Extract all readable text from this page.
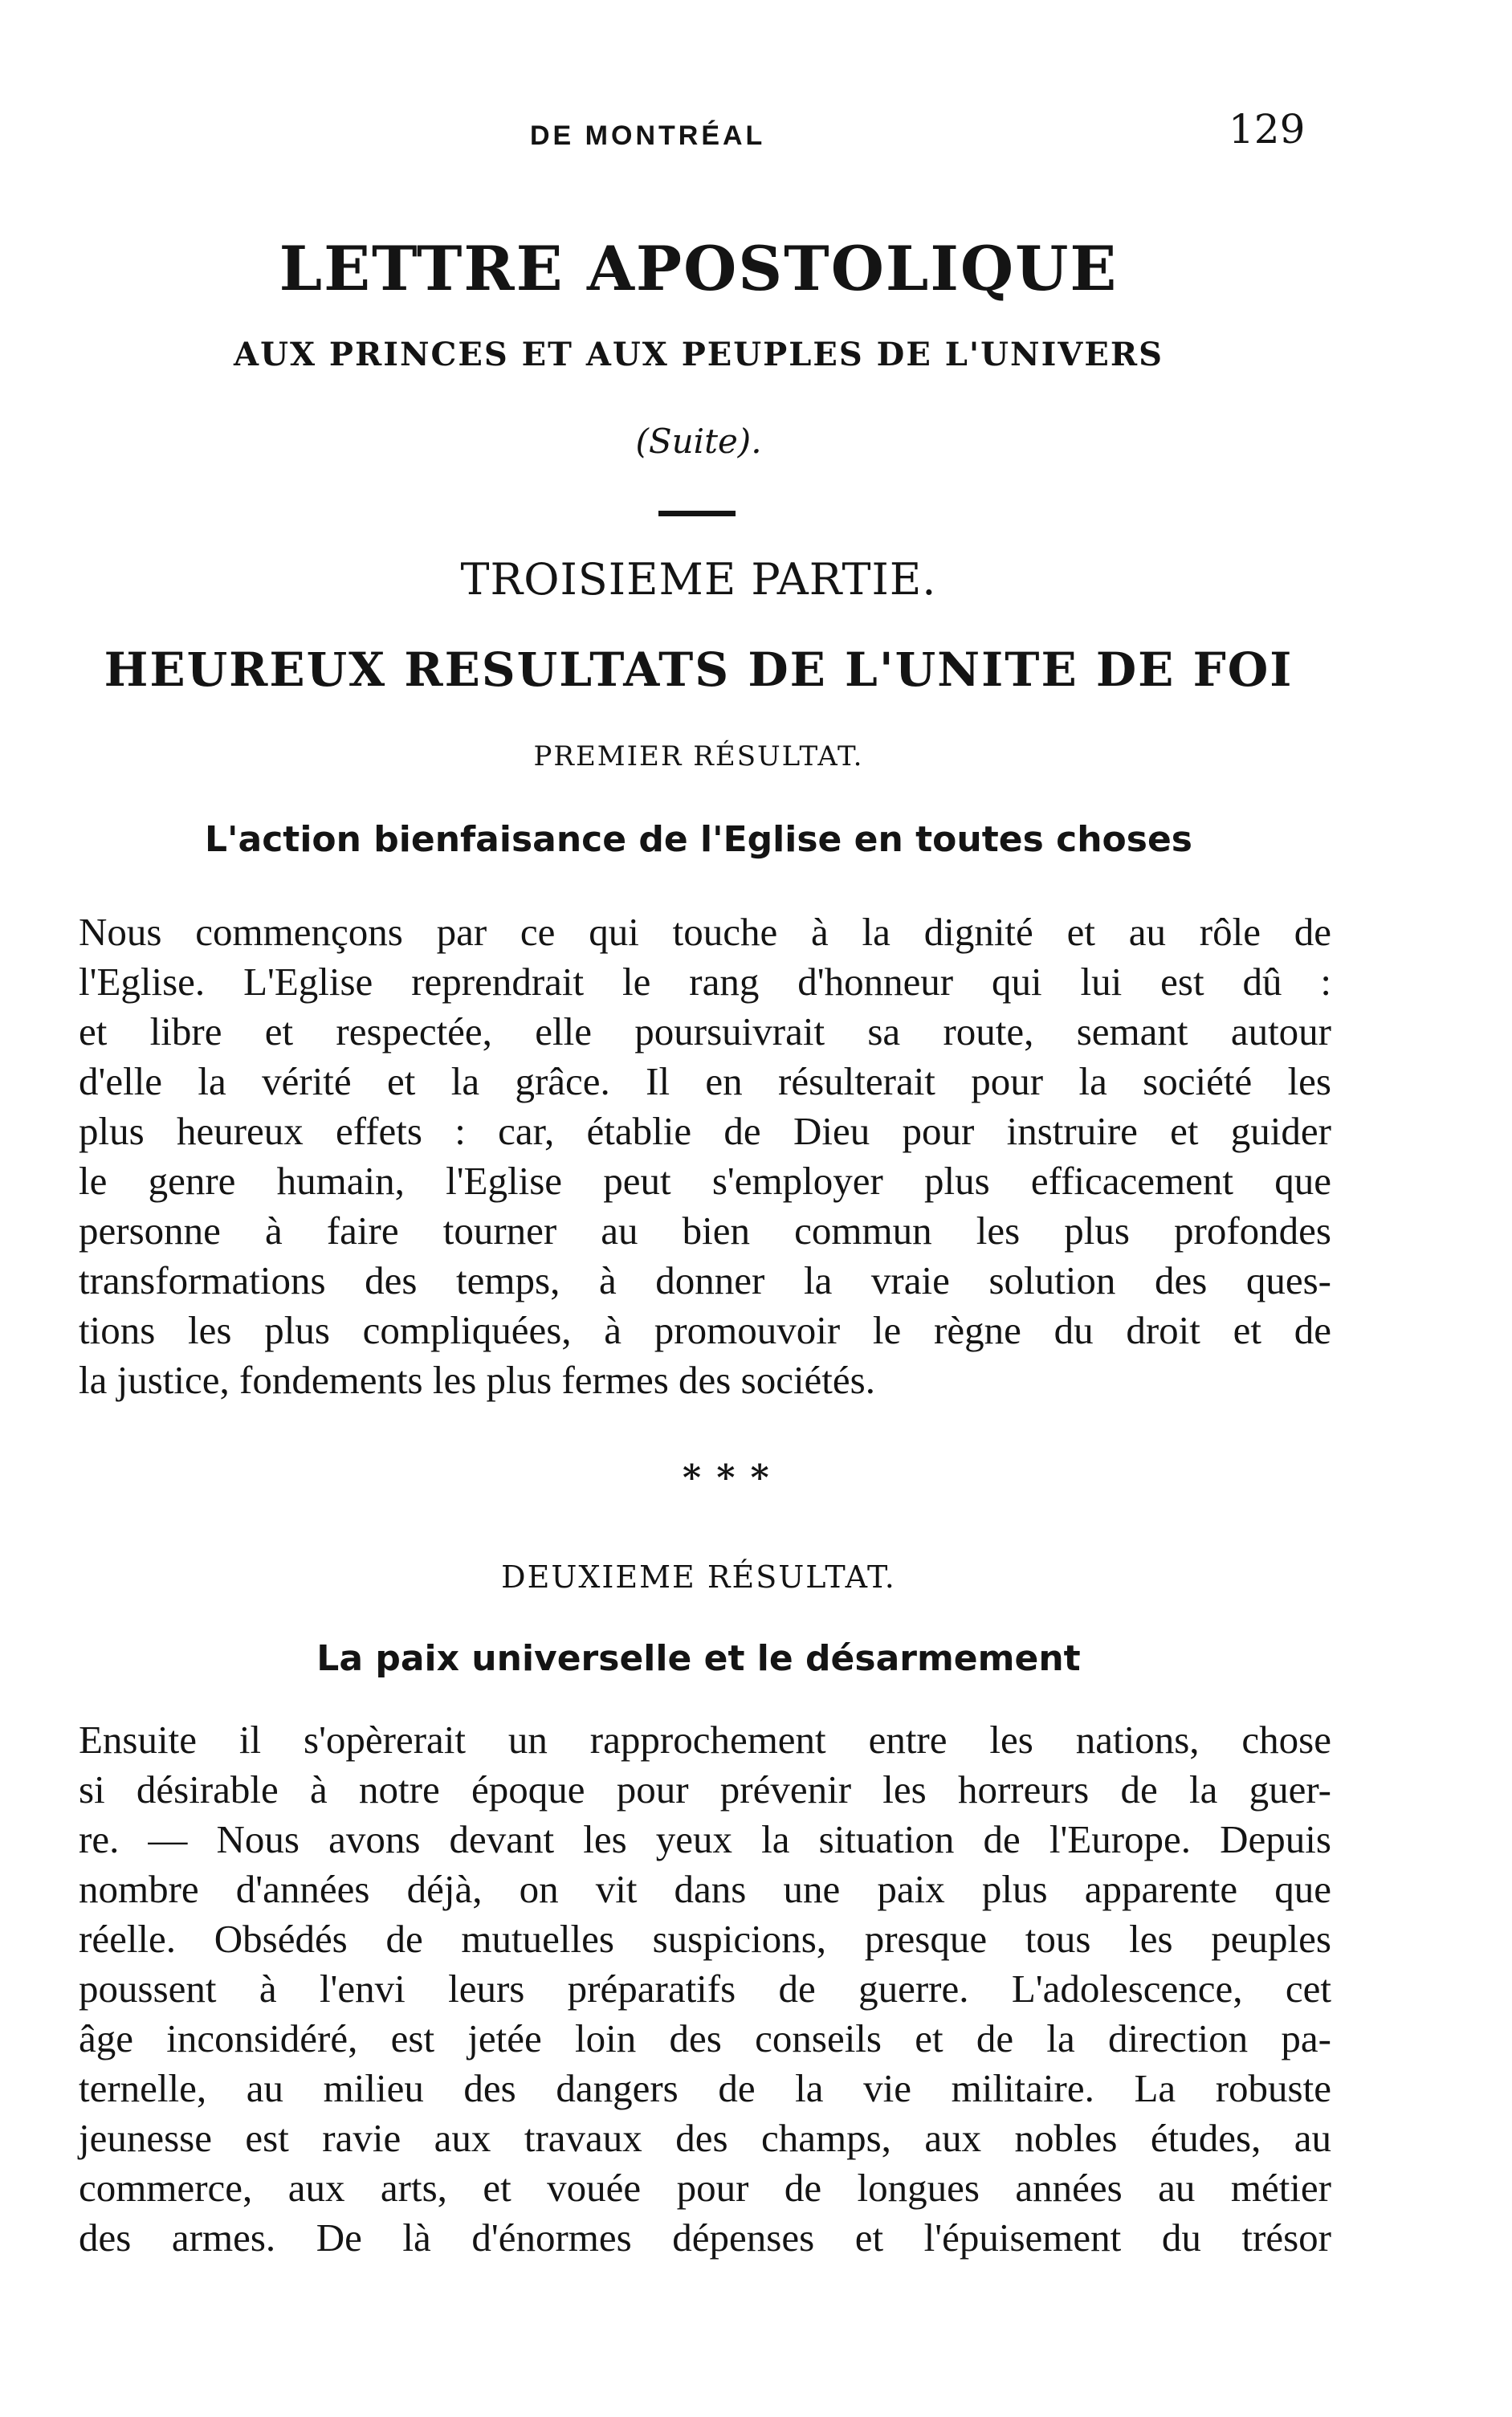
DE MONTRÉAL	129
LETTRE APOSTOLIQUE
AUX PRINCES ET AUX PEUPLES DE L'UNIVERS
(Suite).
TROISIEME PARTIE.
HEUREUX RESULTATS DE L'UNITE DE FOI
PREMIER RÉSULTAT.
L'action bienfaisance de l'Eglise en toutes choses
Nous commençons par ce qui touche à la dignité et au rôle de
l'Eglise. L'Eglise reprendrait le rang d'honneur qui lui est dû :
et libre et respectée, elle poursuivrait sa route, semant autour
d'elle la vérité et la grâce. Il en résulterait pour la société les
plus heureux effets : car, établie de Dieu pour instruire et guider
le genre humain, l'Eglise peut s'employer plus efficacement que
personne à faire tourner au bien commun les plus profondes
transformations des temps, à donner la vraie solution des ques-
tions les plus compliquées, à promouvoir le règne du droit et de
la justice, fondements les plus fermes des sociétés.
* * *
DEUXIEME RÉSULTAT.
La paix universelle et le désarmement
Ensuite il s'opèrerait un rapprochement entre les nations, chose
si désirable à notre époque pour prévenir les horreurs de la guer-
re. — Nous avons devant les yeux la situation de l'Europe. Depuis
nombre d'années déjà, on vit dans une paix plus apparente que
réelle. Obsédés de mutuelles suspicions, presque tous les peuples
poussent à l'envi leurs préparatifs de guerre. L'adolescence, cet
âge inconsidéré, est jetée loin des conseils et de la direction pa-
ternelle, au milieu des dangers de la vie militaire. La robuste
jeunesse est ravie aux travaux des champs, aux nobles études, au
commerce, aux arts, et vouée pour de longues années au métier
des armes. De là d'énormes dépenses et l'épuisement du trésor
